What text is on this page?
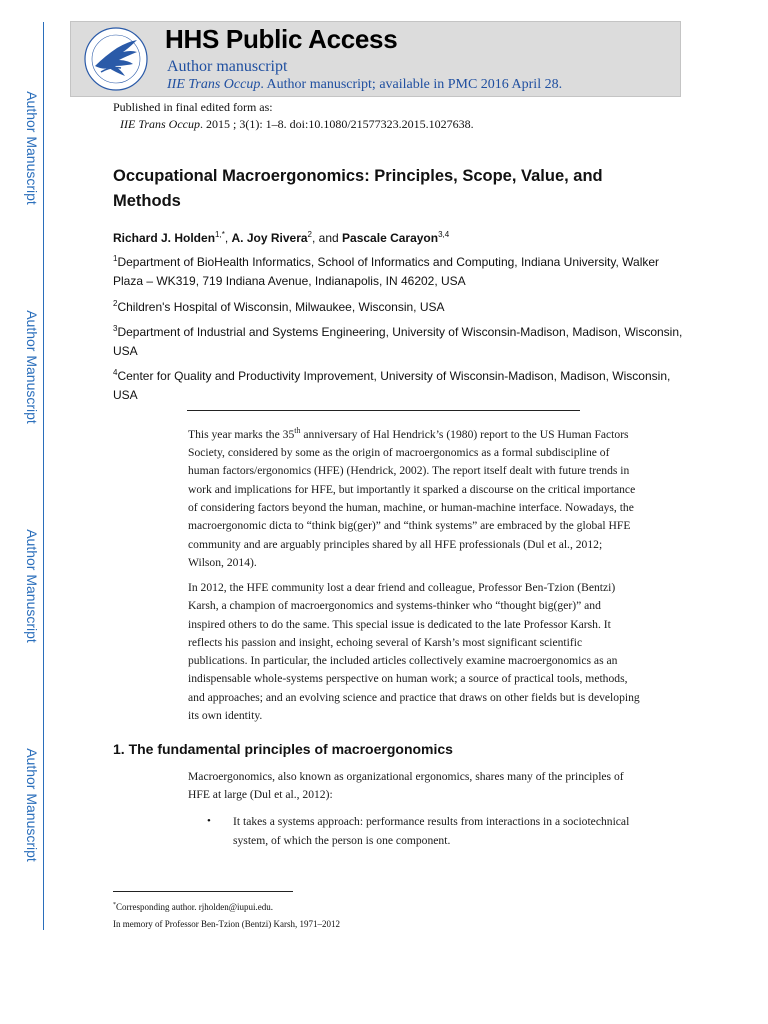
Author Manuscript
Author Manuscript
Author Manuscript
Author Manuscript
HHS Public Access
Author manuscript
IIE Trans Occup. Author manuscript; available in PMC 2016 April 28.
Published in final edited form as:
IIE Trans Occup. 2015 ; 3(1): 1–8. doi:10.1080/21577323.2015.1027638.
Occupational Macroergonomics: Principles, Scope, Value, and Methods
Richard J. Holden$^{1,*}$, A. Joy Rivera$^2$, and Pascale Carayon$^{3,4}$
$^1$Department of BioHealth Informatics, School of Informatics and Computing, Indiana University, Walker Plaza – WK319, 719 Indiana Avenue, Indianapolis, IN 46202, USA
$^2$Children's Hospital of Wisconsin, Milwaukee, Wisconsin, USA
$^3$Department of Industrial and Systems Engineering, University of Wisconsin-Madison, Madison, Wisconsin, USA
$^4$Center for Quality and Productivity Improvement, University of Wisconsin-Madison, Madison, Wisconsin, USA
This year marks the 35th anniversary of Hal Hendrick’s (1980) report to the US Human Factors Society, considered by some as the origin of macroergonomics as a formal subdiscipline of human factors/ergonomics (HFE) (Hendrick, 2002). The report itself dealt with future trends in work and implications for HFE, but importantly it sparked a discourse on the critical importance of considering factors beyond the human, machine, or human-machine interface. Nowadays, the macroergonomic dicta to “think big(ger)” and “think systems” are embraced by the global HFE community and are arguably principles shared by all HFE professionals (Dul et al., 2012; Wilson, 2014).
In 2012, the HFE community lost a dear friend and colleague, Professor Ben-Tzion (Bentzi) Karsh, a champion of macroergonomics and systems-thinker who “thought big(ger)” and inspired others to do the same. This special issue is dedicated to the late Professor Karsh. It reflects his passion and insight, echoing several of Karsh’s most significant scientific publications. In particular, the included articles collectively examine macroergonomics as an indispensable whole-systems perspective on human work; a source of practical tools, methods, and approaches; and an evolving science and practice that draws on other fields but is developing its own identity.
1. The fundamental principles of macroergonomics
Macroergonomics, also known as organizational ergonomics, shares many of the principles of HFE at large (Dul et al., 2012):
• It takes a systems approach: performance results from interactions in a sociotechnical system, of which the person is one component.
*Corresponding author. rjholden@iupui.edu.
In memory of Professor Ben-Tzion (Bentzi) Karsh, 1971–2012
